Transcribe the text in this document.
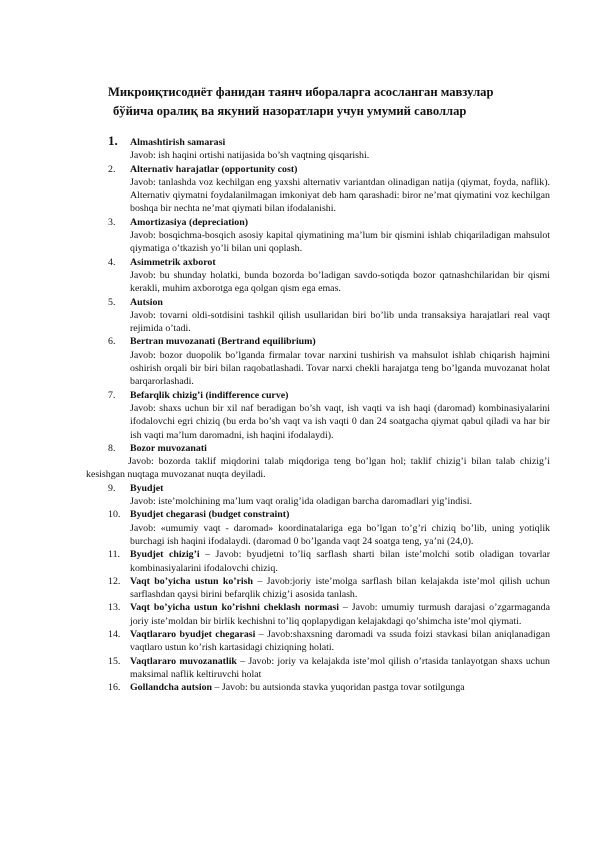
Микроиқтисодиёт фанидан таянч ибораларга асосланган мавзулар
бўйича оралиқ ва якуний назоратлари учун умумий саволлар
1. Almashtirish samarasi
Javob: ish haqini ortishi natijasida bo’sh vaqtning qisqarishi.
2. Alternativ harajatlar (opportunity cost)
Javob: tanlashda voz kechilgan eng yaxshi alternativ variantdan olinadigan natija (qiymat, foyda, naflik). Alternativ qiymatni foydalanilmagan imkoniyat deb ham qarashadi: biror ne’mat qiymatini voz kechilgan boshqa bir nechta ne’mat qiymati bilan ifodalanishi.
3. Amortizasiya (depreciation)
Javob: bosqichma-bosqich asosiy kapital qiymatining ma’lum bir qismini ishlab chiqariladigan mahsulot qiymatiga o’tkazish yo’li bilan uni qoplash.
4. Asimmetrik axborot
Javob: bu shunday holatki, bunda bozorda bo’ladigan savdo-sotiqda bozor qatnashchilaridan bir qismi kerakli, muhim axborotga ega qolgan qism ega emas.
5. Autsion
Javob: tovarni oldi-sotdisini tashkil qilish usullaridan biri bo’lib unda transaksiya harajatlari real vaqt rejimida o’tadi.
6. Bertran muvozanati (Bertrand equilibrium)
Javob: bozor duopolik bo’lganda firmalar tovar narxini tushirish va mahsulot ishlab chiqarish hajmini oshirish orqali bir biri bilan raqobatlashadi. Tovar narxi chekli harajatga teng bo’lganda muvozanat holat barqarorlashadi.
7. Befarqlik chizig’i (indifference curve)
Javob: shaxs uchun bir xil naf beradigan bo’sh vaqt, ish vaqti va ish haqi (daromad) kombinasiyalarini ifodalovchi egri chiziq (bu erda bo’sh vaqt va ish vaqti 0 dan 24 soatgacha qiymat qabul qiladi va har bir ish vaqti ma’lum daromadni, ish haqini ifodalaydi).
8. Bozor muvozanati
Javob: bozorda taklif miqdorini talab miqdoriga teng bo’lgan hol; taklif chizig’i bilan talab chizig’i kesishgan nuqtaga muvozanat nuqta deyiladi.
9. Byudjet
Javob: iste’molchining ma’lum vaqt oralig’ida oladigan barcha daromadlari yig’indisi.
10. Byudjet chegarasi (budget constraint)
Javob: «umumiy vaqt - daromad» koordinatalariga ega bo’lgan to’g’ri chiziq bo’lib, uning yotiqlik burchagi ish haqini ifodalaydi. (daromad 0 bo’lganda vaqt 24 soatga teng, ya’ni (24,0).
11. Byudjet chizig’i – Javob: byudjetni to’liq sarflash sharti bilan iste’molchi sotib oladigan tovarlar kombinasiyalarini ifodalovchi chiziq.
12. Vaqt bo’yicha ustun ko’rish – Javob:joriy iste’molga sarflash bilan kelajakda iste’mol qilish uchun sarflashdan qaysi birini befarqlik chizig’i asosida tanlash.
13. Vaqt bo’yicha ustun ko’rishni cheklash normasi – Javob: umumiy turmush darajasi o’zgarmaganda joriy iste’moldan bir birlik kechishni to’liq qoplapydigan kelajakdagi qo’shimcha iste’mol qiymati.
14. Vaqtlararo byudjet chegarasi – Javob:shaxsning daromadi va ssuda foizi stavkasi bilan aniqlanadigan vaqtlaro ustun ko’rish kartasidagi chiziqning holati.
15. Vaqtlararo muvozanatlik – Javob: joriy va kelajakda iste’mol qilish o’rtasida tanlayotgan shaxs uchun maksimal naflik keltiruvchi holat
16. Gollandcha autsion – Javob: bu autsionda stavka yuqoridan pastga tovar sotilgunga
